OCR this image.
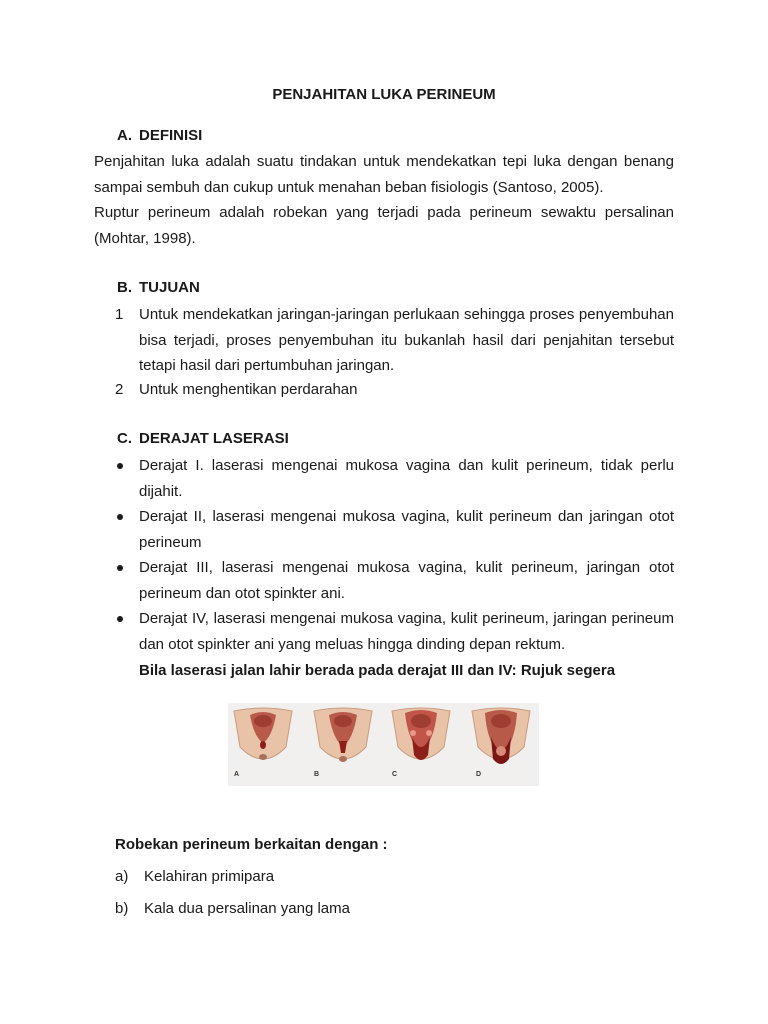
PENJAHITAN LUKA PERINEUM
A. DEFINISI
Penjahitan luka adalah suatu tindakan untuk mendekatkan tepi luka dengan benang sampai sembuh dan cukup untuk menahan beban fisiologis (Santoso, 2005).
Ruptur perineum adalah robekan yang terjadi pada perineum sewaktu persalinan (Mohtar, 1998).
B. TUJUAN
1 Untuk mendekatkan jaringan-jaringan perlukaan sehingga proses penyembuhan bisa terjadi, proses penyembuhan itu bukanlah hasil dari penjahitan tersebut tetapi hasil dari pertumbuhan jaringan.
2 Untuk menghentikan perdarahan
C. DERAJAT LASERASI
Derajat I. laserasi mengenai mukosa vagina dan kulit perineum, tidak perlu dijahit.
Derajat II, laserasi mengenai mukosa vagina, kulit perineum dan jaringan otot perineum
Derajat III, laserasi mengenai mukosa vagina, kulit perineum, jaringan otot perineum dan otot spinkter ani.
Derajat IV, laserasi mengenai mukosa vagina, kulit perineum, jaringan perineum dan otot spinkter ani yang meluas hingga dinding depan rektum.
Bila laserasi jalan lahir berada pada derajat III dan IV: Rujuk segera
A	B	C	D
Robekan perineum berkaitan dengan :
a) Kelahiran primipara
b) Kala dua persalinan yang lama
